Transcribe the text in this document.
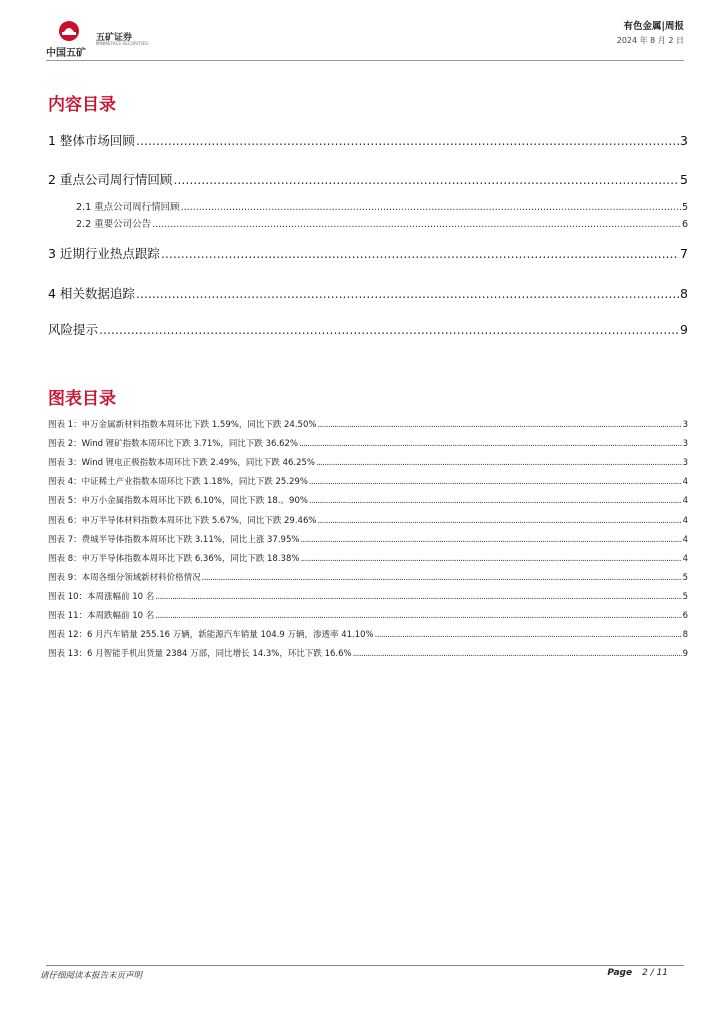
中国五矿
五矿证券
MINMETALS SECURITIES
有色金属|周报
2024 年 8 月 2 日
内容目录
1 整体市场回顾 .....	3
2 重点公司周行情回顾 .....	5
2.1 重点公司周行情回顾 .....	5
2.2 重要公司公告 .....	6
3 近期行业热点跟踪 .....	7
4 相关数据追踪 .....	8
风险提示 .....	9
图表目录
图表 1：申万金属新材料指数本周环比下跌 1.59%，同比下跌 24.50% .....	3
图表 2：Wind 锂矿指数本周环比下跌 3.71%，同比下跌 36.62% .....	3
图表 3：Wind 锂电正极指数本周环比下跌 2.49%，同比下跌 46.25% .....	3
图表 4：中证稀土产业指数本周环比下跌 1.18%，同比下跌 25.29% .....	4
图表 5：申万小金属指数本周环比下跌 6.10%，同比下跌 18.。90% .....	4
图表 6：申万半导体材料指数本周环比下跌 5.67%，同比下跌 29.46% .....	4
图表 7：费城半导体指数本周环比下跌 3.11%，同比上涨 37.95% .....	4
图表 8：申万半导体指数本周环比下跌 6.36%，同比下跌 18.38% .....	4
图表 9：本周各细分领域新材料价格情况 .....	5
图表 10：本周涨幅前 10 名 .....	5
图表 11：本周跌幅前 10 名 .....	6
图表 12：6 月汽车销量 255.16 万辆，新能源汽车销量 104.9 万辆，渗透率 41.10% .....	8
图表 13：6 月智能手机出货量 2384 万部，同比增长 14.3%，环比下跌 16.6% .....	9
请仔细阅读本报告末页声明	Page 2 / 11
